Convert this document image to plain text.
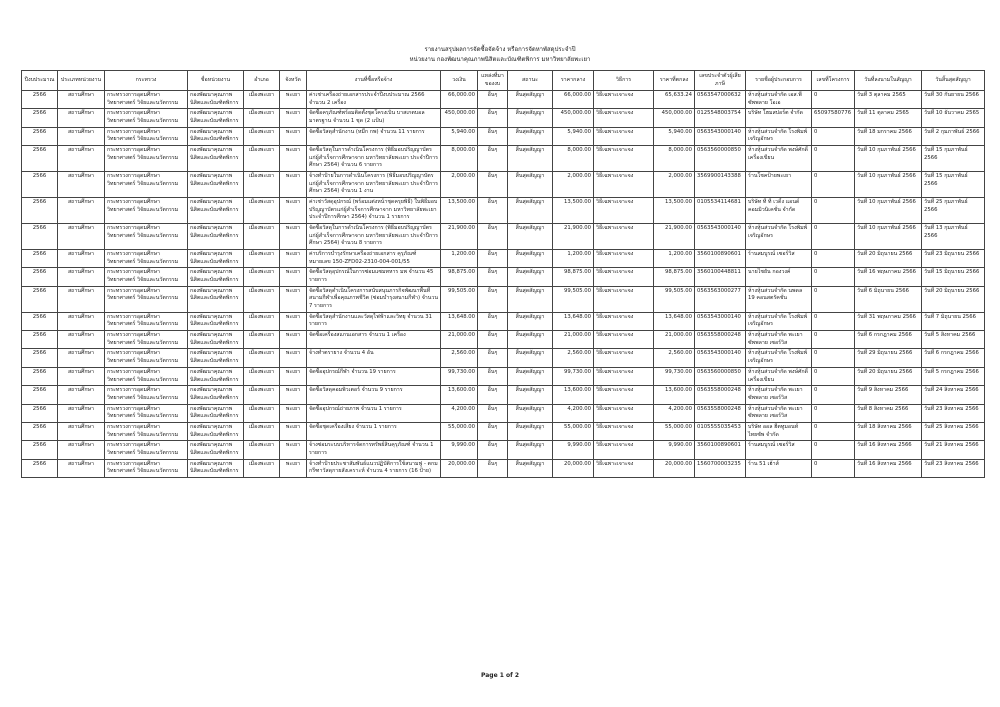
รายงานสรุปผลการจัดซื้อจัดจ้าง หรือการจัดหาพัสดุประจำปี
หน่วยงาน กองพัฒนาคุณภาพนิสิตและบัณฑิตพิการ มหาวิทยาลัยพะเยา
ปีงบประมาณ	ประเภทหน่วยงาน	กระทรวง	ชื่อหน่วยงาน	อำเภอ	จังหวัด	งานที่ซื้อหรือจ้าง	วงเงิน	แหล่งที่มาของงบ	สถานะ	ราคากลาง	วิธีการ	ราคาที่ตกลง	เลขประจำตัวผู้เสียภาษี	รายชื่อผู้ประกอบการ	เลขที่โครงการ	วันที่ลงนามในสัญญา	วันสิ้นสุดสัญญา
2566	สถานศึกษา	กระทรวงการอุดมศึกษา วิทยาศาสตร์ วิจัยและนวัตกรรม	กองพัฒนาคุณภาพนิสิตและบัณฑิตพิการ	เมืองพะเยา	พะเยา	ค่าเช่าเครื่องถ่ายเอกสารประจำปีงบประมาณ 2566 จำนวน 2 เครื่อง	66,000.00	อื่นๆ	สิ้นสุดสัญญา	66,000.00	วิธีเฉพาะเจาะจง	65,633.24	0563547000632	ห้างหุ้นส่วนจำกัด เอส.พี ซัพพลาย โอเอ	0	วันที่ 3 ตุลาคม 2565	วันที่ 30 กันยายน 2566
2566	สถานศึกษา	กระทรวงการอุดมศึกษา วิทยาศาสตร์ วิจัยและนวัตกรรม	กองพัฒนาคุณภาพนิสิตและบัณฑิตพิการ	เมืองพะเยา	พะเยา	จัดซื้อครุภัณฑ์พร้อมติดตั้งชุดโครงเบิน บาสเกตบอลมาตรฐาน จำนวน 1 ชุด (2 แป้น)	450,000.00	อื่นๆ	สิ้นสุดสัญญา	450,000.00	วิธีเฉพาะเจาะจง	450,000.00	0125548003754	บริษัท โฮมสปอร์ต จำกัด	65097580776	วันที่ 11 ตุลาคม 2565	วันที่ 10 ธันวาคม 2565
2566	สถานศึกษา	กระทรวงการอุดมศึกษา วิทยาศาสตร์ วิจัยและนวัตกรรม	กองพัฒนาคุณภาพนิสิตและบัณฑิตพิการ	เมืองพะเยา	พะเยา	จัดซื้อวัสดุสำนักงาน (หมึก กพ) จำนวน 11 รายการ	5,940.00	อื่นๆ	สิ้นสุดสัญญา	5,940.00	วิธีเฉพาะเจาะจง	5,940.00	0563543000140	ห้างหุ้นส่วนจำกัด โรงพิมพ์เจริญอักษร	0	วันที่ 18 มกราคม 2566	วันที่ 2 กุมภาพันธ์ 2566
2566	สถานศึกษา	กระทรวงการอุดมศึกษา วิทยาศาสตร์ วิจัยและนวัตกรรม	กองพัฒนาคุณภาพนิสิตและบัณฑิตพิการ	เมืองพะเยา	พะเยา	จัดซื้อวัสดุในการดำเนินโครงการ (พิธีมอบปริญญาบัตรแก่ผู้สำเร็จการศึกษาจาก มหาวิทยาลัยพะเยา ประจำปีการศึกษา 2564) จำนวน 6 รายการ	8,000.00	อื่นๆ	สิ้นสุดสัญญา	8,000.00	วิธีเฉพาะเจาะจง	8,000.00	0563560000850	ห้างหุ้นส่วนจำกัด พงษ์ศักดิ์เครื่องเขียน	0	วันที่ 10 กุมภาพันธ์ 2566	วันที่ 15 กุมภาพันธ์ 2566
2566	สถานศึกษา	กระทรวงการอุดมศึกษา วิทยาศาสตร์ วิจัยและนวัตกรรม	กองพัฒนาคุณภาพนิสิตและบัณฑิตพิการ	เมืองพะเยา	พะเยา	จ้างทำป้ายในการดำเนินโครงการ (พิธีมอบปริญญาบัตรแก่ผู้สำเร็จการศึกษาจาก มหาวิทยาลัยพะเยา ประจำปีการศึกษา 2564) จำนวน 1 งาน	2,000.00	อื่นๆ	สิ้นสุดสัญญา	2,000.00	วิธีเฉพาะเจาะจง	2,000.00	3569900143388	ร้านโชคป้ายพะเยา	0	วันที่ 10 กุมภาพันธ์ 2566	วันที่ 15 กุมภาพันธ์ 2566
2566	สถานศึกษา	กระทรวงการอุดมศึกษา วิทยาศาสตร์ วิจัยและนวัตกรรม	กองพัฒนาคุณภาพนิสิตและบัณฑิตพิการ	เมืองพะเยา	พะเยา	ค่าเช่าวัสดุอุปกรณ์ (พร้อมแต่งหน้าชุดครุยพิธี) ในพิธีมอบปริญญาบัตรแก่ผู้สำเร็จการศึกษาจาก มหาวิทยาลัยพะเยา ประจำปีการศึกษา 2564) จำนวน 1 รายการ	13,500.00	อื่นๆ	สิ้นสุดสัญญา	13,500.00	วิธีเฉพาะเจาะจง	13,500.00	0105534114681	บริษัท ที ที เวดิ้ง แอนด์ คอมมิวนิเคชั่น จำกัด	0	วันที่ 10 กุมภาพันธ์ 2566	วันที่ 25 กุมภาพันธ์ 2566
2566	สถานศึกษา	กระทรวงการอุดมศึกษา วิทยาศาสตร์ วิจัยและนวัตกรรม	กองพัฒนาคุณภาพนิสิตและบัณฑิตพิการ	เมืองพะเยา	พะเยา	จัดซื้อวัสดุในการดำเนินโครงการ (พิธีมอบปริญญาบัตรแก่ผู้สำเร็จการศึกษาจาก มหาวิทยาลัยพะเยา ประจำปีการศึกษา 2564) จำนวน 8 รายการ	21,900.00	อื่นๆ	สิ้นสุดสัญญา	21,900.00	วิธีเฉพาะเจาะจง	21,900.00	0563543000140	ห้างหุ้นส่วนจำกัด โรงพิมพ์เจริญอักษร	0	วันที่ 10 กุมภาพันธ์ 2566	วันที่ 13 กุมภาพันธ์ 2566
2566	สถานศึกษา	กระทรวงการอุดมศึกษา วิทยาศาสตร์ วิจัยและนวัตกรรม	กองพัฒนาคุณภาพนิสิตและบัณฑิตพิการ	เมืองพะเยา	พะเยา	ค่าบริการบำรุงรักษาเครื่องถ่ายเอกสาร คุรุภัณฑ์หมายเลข 150-ZFD02-2310-004-001/55	1,200.00	อื่นๆ	สิ้นสุดสัญญา	1,200.00	วิธีเฉพาะเจาะจง	1,200.00	3560100890601	ร้านสมบูรณ์ เซอร์วิส	0	วันที่ 20 มิถุนายน 2566	วันที่ 23 มิถุนายน 2566
2566	สถานศึกษา	กระทรวงการอุดมศึกษา วิทยาศาสตร์ วิจัยและนวัตกรรม	กองพัฒนาคุณภาพนิสิตและบัณฑิตพิการ	เมืองพะเยา	พะเยา	จัดซื้อวัสดุอุปกรณ์ในการซ่อมแซมทหาร มพ จำนวน 45 รายการ	98,875.00	อื่นๆ	สิ้นสุดสัญญา	98,875.00	วิธีเฉพาะเจาะจง	98,875.00	3560100448811	นายไชยัน กองวงค์	0	วันที่ 16 พฤษภาคม 2566	วันที่ 15 มิถุนายน 2566
2566	สถานศึกษา	กระทรวงการอุดมศึกษา วิทยาศาสตร์ วิจัยและนวัตกรรม	กองพัฒนาคุณภาพนิสิตและบัณฑิตพิการ	เมืองพะเยา	พะเยา	จัดซื้อวัสดุดำเนินโครงการสนับสนุนภารกิจพัฒนาพื้นที่สนามกีฬาเพื่อคุณภาพชีวิต (ซ่อมบำรุงสนามกีฬา) จำนวน 7 รายการ	99,505.00	อื่นๆ	สิ้นสุดสัญญา	99,505.00	วิธีเฉพาะเจาะจง	99,505.00	0563563000277	ห้างหุ้นส่วนจำกัด นพดล 19 คอนสตรัคชั่น	0	วันที่ 6 มิถุนายน 2566	วันที่ 20 มิถุนายน 2566
2566	สถานศึกษา	กระทรวงการอุดมศึกษา วิทยาศาสตร์ วิจัยและนวัตกรรม	กองพัฒนาคุณภาพนิสิตและบัณฑิตพิการ	เมืองพะเยา	พะเยา	จัดซื้อวัสดุสำนักงานและวัสดุไฟฟ้าและวิทยุ จำนวน 31 รายการ	13,648.00	อื่นๆ	สิ้นสุดสัญญา	13,648.00	วิธีเฉพาะเจาะจง	13,648.00	0563543000140	ห้างหุ้นส่วนจำกัด โรงพิมพ์เจริญอักษร	0	วันที่ 31 พฤษภาคม 2566	วันที่ 7 มิถุนายน 2566
2566	สถานศึกษา	กระทรวงการอุดมศึกษา วิทยาศาสตร์ วิจัยและนวัตกรรม	กองพัฒนาคุณภาพนิสิตและบัณฑิตพิการ	เมืองพะเยา	พะเยา	จัดซื้อเครื่องสแกนเอกสาร จำนวน 1 เครื่อง	21,000.00	อื่นๆ	สิ้นสุดสัญญา	21,000.00	วิธีเฉพาะเจาะจง	21,000.00	0563558000248	ห้างหุ้นส่วนจำกัด พะเยา ซัพพลาย เซอร์วิส	0	วันที่ 6 กรกฎาคม 2566	วันที่ 5 สิงหาคม 2566
2566	สถานศึกษา	กระทรวงการอุดมศึกษา วิทยาศาสตร์ วิจัยและนวัตกรรม	กองพัฒนาคุณภาพนิสิตและบัณฑิตพิการ	เมืองพะเยา	พะเยา	จ้างทำตรายาง จำนวน 4 อัน	2,560.00	อื่นๆ	สิ้นสุดสัญญา	2,560.00	วิธีเฉพาะเจาะจง	2,560.00	0563543000140	ห้างหุ้นส่วนจำกัด โรงพิมพ์เจริญอักษร	0	วันที่ 29 มิถุนายน 2566	วันที่ 6 กรกฎาคม 2566
2566	สถานศึกษา	กระทรวงการอุดมศึกษา วิทยาศาสตร์ วิจัยและนวัตกรรม	กองพัฒนาคุณภาพนิสิตและบัณฑิตพิการ	เมืองพะเยา	พะเยา	จัดซื้ออุปกรณ์กีฬา จำนวน 19 รายการ	99,730.00	อื่นๆ	สิ้นสุดสัญญา	99,730.00	วิธีเฉพาะเจาะจง	99,730.00	0563560000850	ห้างหุ้นส่วนจำกัด พงษ์ศักดิ์เครื่องเขียน	0	วันที่ 20 มิถุนายน 2566	วันที่ 5 กรกฎาคม 2566
2566	สถานศึกษา	กระทรวงการอุดมศึกษา วิทยาศาสตร์ วิจัยและนวัตกรรม	กองพัฒนาคุณภาพนิสิตและบัณฑิตพิการ	เมืองพะเยา	พะเยา	จัดซื้อวัสดุคอมพิวเตอร์ จำนวน 9 รายการ	13,600.00	อื่นๆ	สิ้นสุดสัญญา	13,600.00	วิธีเฉพาะเจาะจง	13,600.00	0563558000248	ห้างหุ้นส่วนจำกัด พะเยา ซัพพลาย เซอร์วิส	0	วันที่ 9 สิงหาคม 2566	วันที่ 24 สิงหาคม 2566
2566	สถานศึกษา	กระทรวงการอุดมศึกษา วิทยาศาสตร์ วิจัยและนวัตกรรม	กองพัฒนาคุณภาพนิสิตและบัณฑิตพิการ	เมืองพะเยา	พะเยา	จัดซื้ออุปกรณ์ถ่ายภาพ จำนวน 1 รายการ	4,200.00	อื่นๆ	สิ้นสุดสัญญา	4,200.00	วิธีเฉพาะเจาะจง	4,200.00	0563558000248	ห้างหุ้นส่วนจำกัด พะเยา ซัพพลาย เซอร์วิส	0	วันที่ 8 สิงหาคม 2566	วันที่ 23 สิงหาคม 2566
2566	สถานศึกษา	กระทรวงการอุดมศึกษา วิทยาศาสตร์ วิจัยและนวัตกรรม	กองพัฒนาคุณภาพนิสิตและบัณฑิตพิการ	เมืองพะเยา	พะเยา	จัดซื้อชุดเครื่องเสียง จำนวน 1 รายการ	55,000.00	อื่นๆ	สิ้นสุดสัญญา	55,000.00	วิธีเฉพาะเจาะจง	55,000.00	0105555035453	บริษัท ออล ฮีตทูมอนท์ ไทยซัพ จำกัด	0	วันที่ 18 สิงหาคม 2566	วันที่ 25 สิงหาคม 2566
2566	สถานศึกษา	กระทรวงการอุดมศึกษา วิทยาศาสตร์ วิจัยและนวัตกรรม	กองพัฒนาคุณภาพนิสิตและบัณฑิตพิการ	เมืองพะเยา	พะเยา	จ้างซ่อมระบบบริหารจัดการทรัพย์สินคุรุภัณฑ์ จำนวน 1 รายการ	9,990.00	อื่นๆ	สิ้นสุดสัญญา	9,990.00	วิธีเฉพาะเจาะจง	9,990.00	3560100890601	ร้านสมบูรณ์ เซอร์วิส	0	วันที่ 16 สิงหาคม 2566	วันที่ 21 สิงหาคม 2566
2566	สถานศึกษา	กระทรวงการอุดมศึกษา วิทยาศาสตร์ วิจัยและนวัตกรรม	กองพัฒนาคุณภาพนิสิตและบัณฑิตพิการ	เมืองพะเยา	พะเยา	จ้างทำป้ายประชาสัมพันธ์แนวปฏิบัติการใช้สนามฟู - ตกม กรีฑาวัสดุกายสังเคราะห์ จำนวน 4 รายการ (16 ป้าย)	20,000.00	อื่นๆ	สิ้นสุดสัญญา	20,000.00	วิธีเฉพาะเจาะจง	20,000.00	1560700003235	ร้าน 51 เฮ้าส์	0	วันที่ 16 สิงหาคม 2566	วันที่ 23 สิงหาคม 2566
Page 1 of 2
